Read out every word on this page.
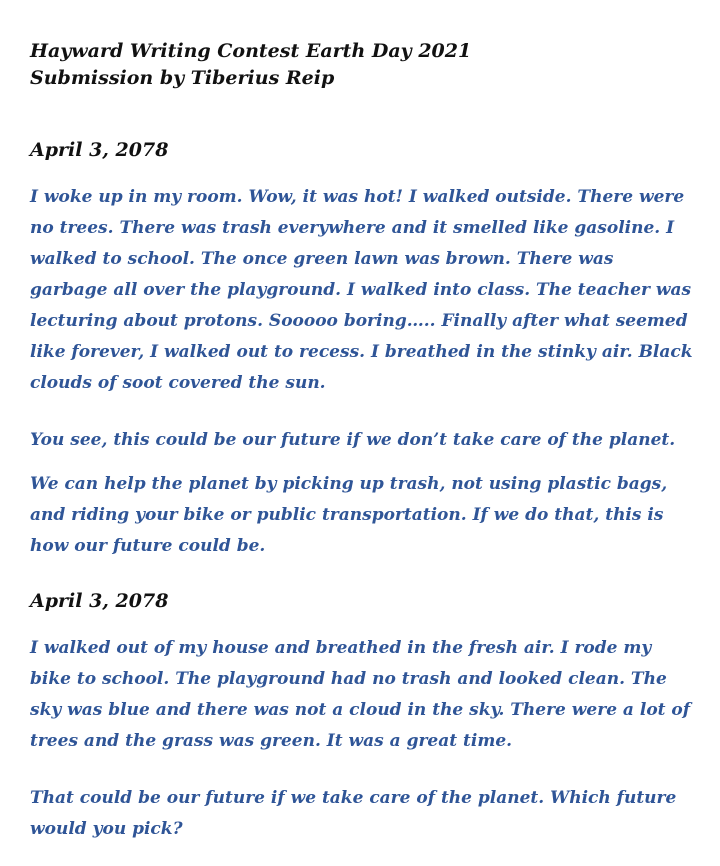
Hayward Writing Contest Earth Day 2021

Submission by Tiberius Reip

April 3, 2078

I woke up in my room. Wow, it was hot! I walked outside. There were no trees. There was trash everywhere and it smelled like gasoline. I walked to school. The once green lawn was brown. There was garbage all over the playground. I walked into class. The teacher was lecturing about protons. Sooooo boring….. Finally after what seemed like forever, I walked out to recess. I breathed in the stinky air. Black clouds of soot covered the sun.

You see, this could be our future if we don’t take care of the planet.

We can help the planet by picking up trash, not using plastic bags, and riding your bike or public transportation. If we do that, this is how our future could be.

April 3, 2078

I walked out of my house and breathed in the fresh air. I rode my bike to school. The playground had no trash and looked clean. The sky was blue and there was not a cloud in the sky. There were a lot of trees and the grass was green. It was a great time.

That could be our future if we take care of the planet. Which future would you pick?
